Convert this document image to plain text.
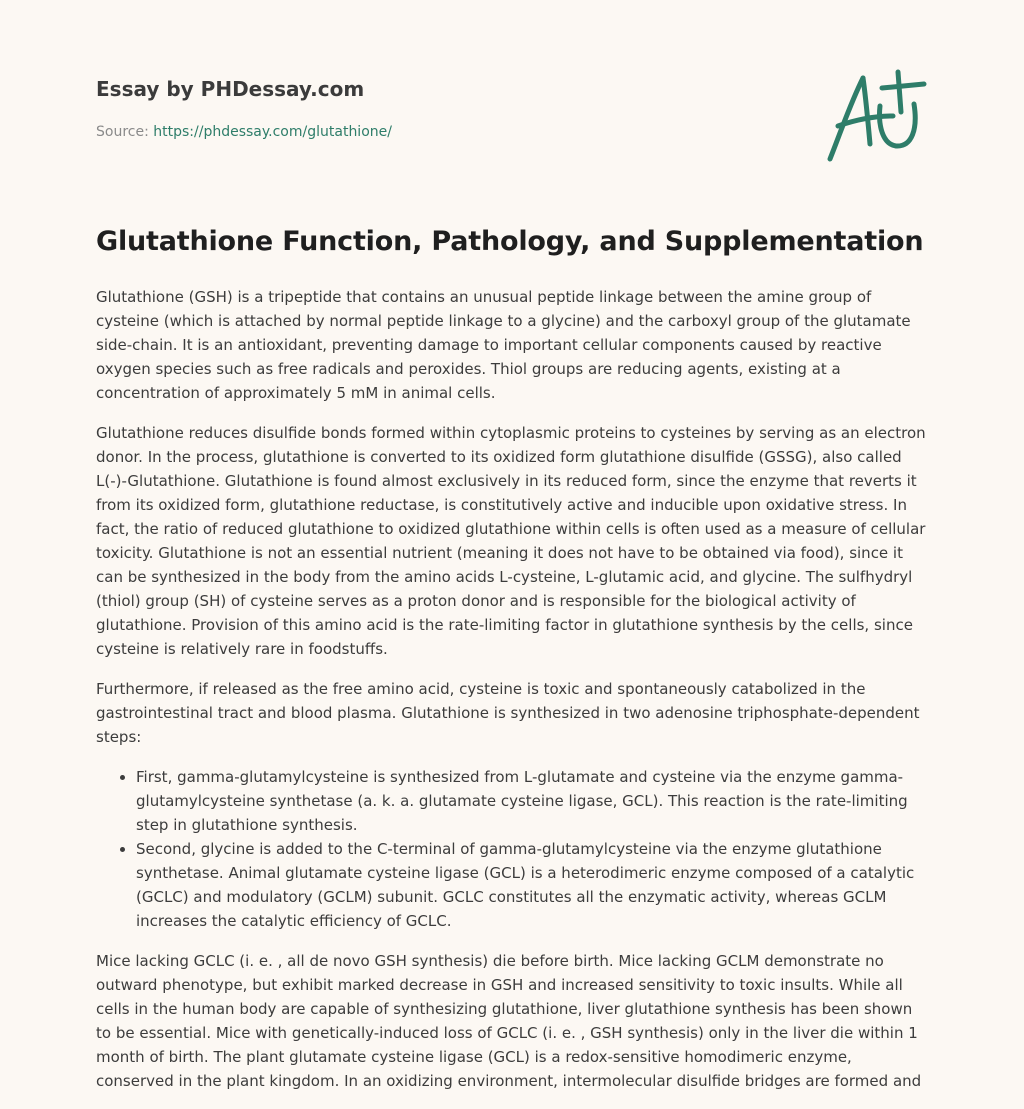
Essay by PHDessay.com
Source: https://phdessay.com/glutathione/
Glutathione Function, Pathology, and Supplementation

Glutathione (GSH) is a tripeptide that contains an unusual peptide linkage between the amine group of cysteine (which is attached by normal peptide linkage to a glycine) and the carboxyl group of the glutamate side-chain. It is an antioxidant, preventing damage to important cellular components caused by reactive oxygen species such as free radicals and peroxides. Thiol groups are reducing agents, existing at a concentration of approximately 5 mM in animal cells.

Glutathione reduces disulfide bonds formed within cytoplasmic proteins to cysteines by serving as an electron donor. In the process, glutathione is converted to its oxidized form glutathione disulfide (GSSG), also called L(-)-Glutathione. Glutathione is found almost exclusively in its reduced form, since the enzyme that reverts it from its oxidized form, glutathione reductase, is constitutively active and inducible upon oxidative stress. In fact, the ratio of reduced glutathione to oxidized glutathione within cells is often used as a measure of cellular toxicity. Glutathione is not an essential nutrient (meaning it does not have to be obtained via food), since it can be synthesized in the body from the amino acids L-cysteine, L-glutamic acid, and glycine. The sulfhydryl (thiol) group (SH) of cysteine serves as a proton donor and is responsible for the biological activity of glutathione. Provision of this amino acid is the rate-limiting factor in glutathione synthesis by the cells, since cysteine is relatively rare in foodstuffs.

Furthermore, if released as the free amino acid, cysteine is toxic and spontaneously catabolized in the gastrointestinal tract and blood plasma. Glutathione is synthesized in two adenosine triphosphate-dependent steps:

• First, gamma-glutamylcysteine is synthesized from L-glutamate and cysteine via the enzyme gamma-glutamylcysteine synthetase (a. k. a. glutamate cysteine ligase, GCL). This reaction is the rate-limiting step in glutathione synthesis.
• Second, glycine is added to the C-terminal of gamma-glutamylcysteine via the enzyme glutathione synthetase. Animal glutamate cysteine ligase (GCL) is a heterodimeric enzyme composed of a catalytic (GCLC) and modulatory (GCLM) subunit. GCLC constitutes all the enzymatic activity, whereas GCLM increases the catalytic efficiency of GCLC.

Mice lacking GCLC (i. e. , all de novo GSH synthesis) die before birth. Mice lacking GCLM demonstrate no outward phenotype, but exhibit marked decrease in GSH and increased sensitivity to toxic insults. While all cells in the human body are capable of synthesizing glutathione, liver glutathione synthesis has been shown to be essential. Mice with genetically-induced loss of GCLC (i. e. , GSH synthesis) only in the liver die within 1 month of birth. The plant glutamate cysteine ligase (GCL) is a redox-sensitive homodimeric enzyme, conserved in the plant kingdom. In an oxidizing environment, intermolecular disulfide bridges are formed and
